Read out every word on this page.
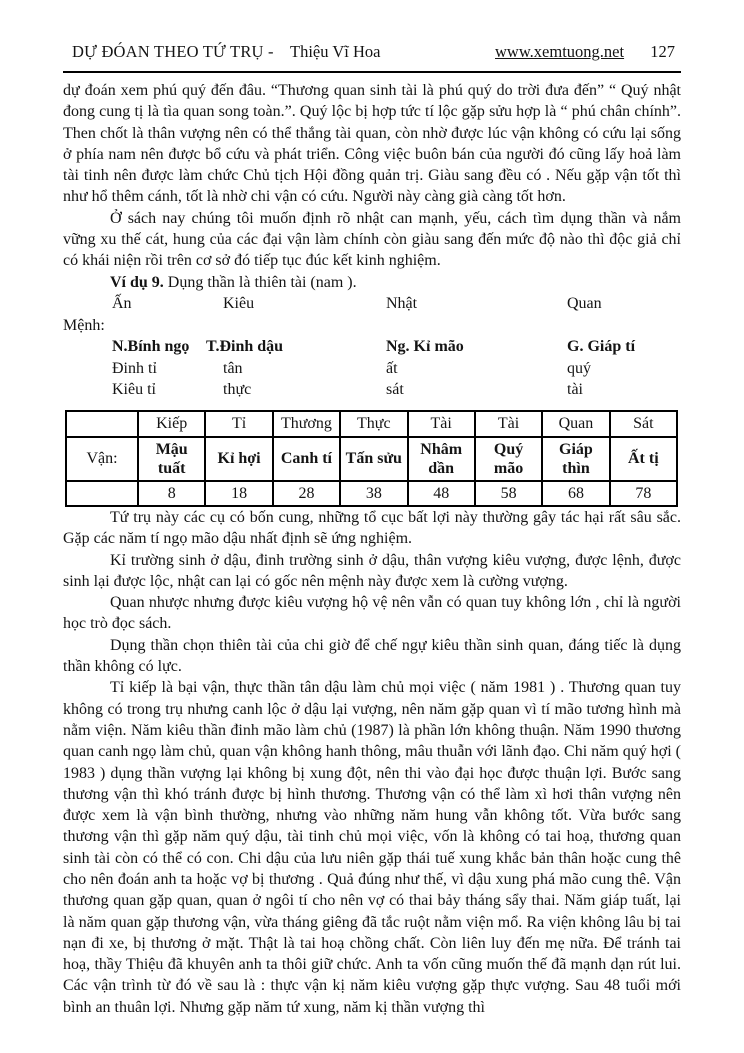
DỰ ĐÓAN THEO TỨ TRỤ - Thiệu Vĩ Hoa	www.xemtuong.net	127

dự đoán xem phú quý đến đâu. “Thương quan sinh tài là phú quý do trời đưa đến” “ Quý nhật đong cung tị là tìa quan song toàn.”. Quý lộc bị hợp tức tí lộc gặp sửu hợp là “ phú chân chính”. Then chốt là thân vượng nên có thể thắng tài quan, còn nhờ được lúc vận không có cứu lại sống ở phía nam nên được bổ cứu và phát triển. Công việc buôn bán của người đó cũng lấy hoả làm tài tinh nên được làm chức Chủ tịch Hội đồng quản trị. Giàu sang đều có . Nếu gặp vận tốt thì như hổ thêm cánh, tốt là nhờ chi vận có cứu. Người này càng già càng tốt hơn.

Ở sách nay chúng tôi muốn định rõ nhật can mạnh, yếu, cách tìm dụng thần và nắm vững xu thế cát, hung của các đại vận làm chính còn giàu sang đến mức độ nào thì độc giả chỉ có khái niện rồi trên cơ sở đó tiếp tục đúc kết kinh nghiệm.

Ví dụ 9. Dụng thần là thiên tài (nam ).

Ấn	Kiêu	Nhật	Quan

Mệnh:

N.Bính ngọ	T.Đinh dậu	Ng. Kỉ mão	G. Giáp tí
Đinh tỉ	tân	ất	quý
Kiêu tỉ	thực	sát	tài
	Kiếp	Tỉ	Thương	Thực	Tài	Tài	Quan	Sát
Vận:	Mậu tuất	Kỉ hợi	Canh tí	Tấn sửu	Nhâm dần	Quý mão	Giáp thìn	Ất tị
	8	18	28	38	48	58	68	78

Tứ trụ này các cụ có bốn cung, những tổ cục bất lợi này thường gây tác hại rất sâu sắc. Gặp các năm tí ngọ mão dậu nhất định sẽ ứng nghiệm.

Kỉ trường sinh ở dậu, đinh trường sinh ở dậu, thân vượng kiêu vượng, được lệnh, được sinh lại được lộc, nhật can lại có gốc nên mệnh này được xem là cường vượng.

Quan nhược nhưng được kiêu vượng hộ vệ nên vẫn có quan tuy không lớn , chỉ là người học trò đọc sách.

Dụng thần chọn thiên tài của chi giờ để chế ngự kiêu thần sinh quan, đáng tiếc là dụng thần không có lực.

Tỉ kiếp là bại vận, thực thần tân dậu làm chủ mọi việc ( năm 1981 ) . Thương quan tuy không có trong trụ nhưng canh lộc ở dậu lại vượng, nên năm gặp quan vì tí mão tương hình mà nằm viện. Năm kiêu thần đinh mão làm chủ (1987) là phần lớn không thuận. Năm 1990 thương quan canh ngọ làm chủ, quan vận không hanh thông, mâu thuẫn với lãnh đạo. Chi năm quý hợi ( 1983 ) dụng thần vượng lại không bị xung đột, nên thi vào đại học được thuận lợi. Bước sang thương vận thì khó tránh được bị hình thương. Thương vận có thể làm xì hơi thân vượng nên được xem là vận bình thường, nhưng vào những năm hung vẫn không tốt. Vừa bước sang thương vận thì gặp năm quý dậu, tài tinh chủ mọi việc, vốn là không có tai hoạ, thương quan sinh tài còn có thể có con. Chi dậu của lưu niên gặp thái tuế xung khắc bản thân hoặc cung thê cho nên đoán anh ta hoặc vợ bị thương . Quả đúng như thế, vì dậu xung phá mão cung thê. Vận thương quan gặp quan, quan ở ngôi tí cho nên vợ có thai bảy tháng sẩy thai. Năm giáp tuất, lại là năm quan gặp thương vận, vừa tháng giêng đã tắc ruột nằm viện mổ. Ra viện không lâu bị tai nạn đi xe, bị thương ở mặt. Thật là tai hoạ chồng chất. Còn liên luy đến mẹ nữa. Để tránh tai hoạ, thầy Thiệu đã khuyên anh ta thôi giữ chức. Anh ta vốn cũng muốn thế đã mạnh dạn rút lui. Các vận trình từ đó về sau là : thực vận kị năm kiêu vượng gặp thực vượng. Sau 48 tuổi mới bình an thuân lợi. Nhưng gặp năm tứ xung, năm kị thần vượng thì
